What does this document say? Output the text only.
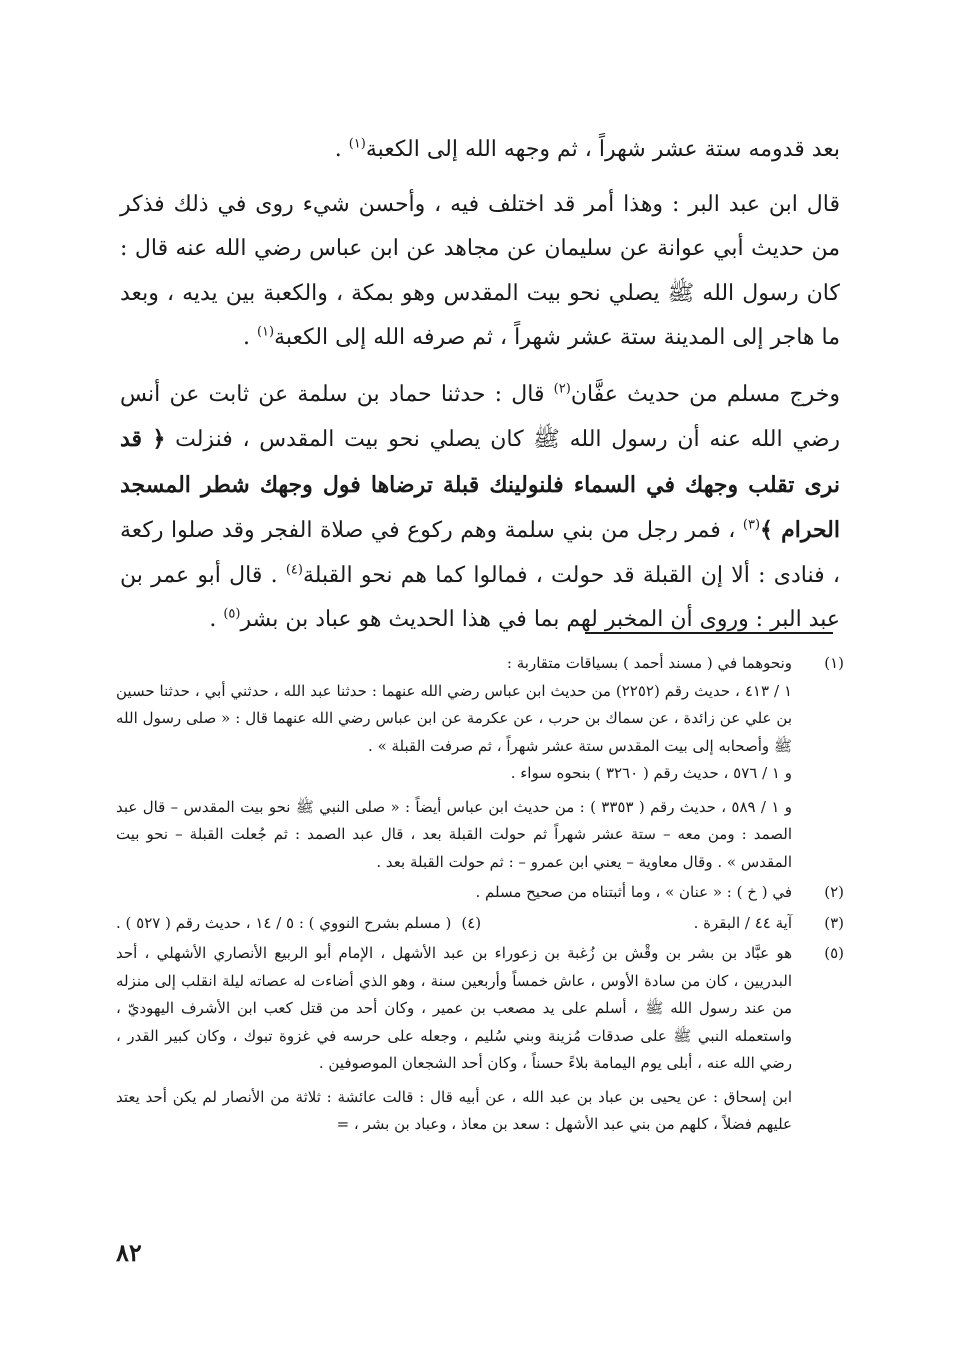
بعد قدومه ستة عشر شهراً ، ثم وجهه الله إلى الكعبة$^{(١)}$ .

قال ابن عبد البر : وهذا أمر قد اختلف فيه ، وأحسن شيء روى في ذلك فذكر من حديث أبي عوانة عن سليمان عن مجاهد عن ابن عباس رضي الله عنه قال : كان رسول الله ﷺ يصلي نحو بيت المقدس وهو بمكة ، والكعبة بين يديه ، وبعد ما هاجر إلى المدينة ستة عشر شهراً ، ثم صرفه الله إلى الكعبة$^{(١)}$ .

وخرج مسلم من حديث عفَّان$^{(٢)}$ قال : حدثنا حماد بن سلمة عن ثابت عن أنس رضي الله عنه أن رسول الله ﷺ كان يصلي نحو بيت المقدس ، فنزلت ﴿ قد نرى تقلب وجهك في السماء فلنولينك قبلة ترضاها فول وجهك شطر المسجد الحرام ﴾$^{(٣)}$ ، فمر رجل من بني سلمة وهم ركوع في صلاة الفجر وقد صلوا ركعة ، فنادى : ألا إن القبلة قد حولت ، فمالوا كما هم نحو القبلة$^{(٤)}$ . قال أبو عمر بن عبد البر : وروى أن المخبر لهم بما في هذا الحديث هو عباد بن بشر$^{(٥)}$ .

(١)
ونحوهما في ( مسند أحمد ) بسياقات متقاربة :
١ / ٤١٣ ، حديث رقم (٢٢٥٢) من حديث ابن عباس رضي الله عنهما : حدثنا عبد الله ، حدثني أبي ، حدثنا حسين بن علي عن زائدة ، عن سماك بن حرب ، عن عكرمة عن ابن عباس رضي الله عنهما قال : « صلى رسول الله ﷺ وأصحابه إلى بيت المقدس ستة عشر شهراً ، ثم صرفت القبلة » .
و ١ / ٥٧٦ ، حديث رقم ( ٣٢٦٠ ) بنحوه سواء .
و ١ / ٥٨٩ ، حديث رقم ( ٣٣٥٣ ) : من حديث ابن عباس أيضاً : « صلى النبي ﷺ نحو بيت المقدس – قال عبد الصمد : ومن معه – ستة عشر شهراً ثم حولت القبلة بعد ، قال عبد الصمد : ثم جُعلت القبلة – نحو بيت المقدس » . وقال معاوية – يعني ابن عمرو – : ثم حولت القبلة بعد .
(٢)
في ( خ ) : « عنان » ، وما أثبتناه من صحيح مسلم .
(٣)
آية ٤٤ / البقرة .
(٤)( مسلم بشرح النووي ) : ٥ / ١٤ ، حديث رقم ( ٥٢٧ ) .
(٥)
هو عبَّاد بن بشر بن وقْش بن زُغبة بن زعوراء بن عبد الأشهل ، الإمام أبو الربيع الأنصاري الأشهلي ، أحد البدريين ، كان من سادة الأوس ، عاش خمساً وأربعين سنة ، وهو الذي أضاءت له عصاته ليلة انقلب إلى منزله من عند رسول الله ﷺ ، أسلم على يد مصعب بن عمير ، وكان أحد من قتل كعب ابن الأشرف اليهوديّ ، واستعمله النبي ﷺ على صدقات مُزينة وبني سُليم ، وجعله على حرسه في غزوة تبوك ، وكان كبير القدر ، رضي الله عنه ، أبلى يوم اليمامة بلاءً حسناً ، وكان أحد الشجعان الموصوفين .
ابن إسحاق : عن يحيى بن عباد بن عبد الله ، عن أبيه قال : قالت عائشة : ثلاثة من الأنصار لم يكن أحد يعتد عليهم فضلاً ، كلهم من بني عبد الأشهل : سعد بن معاذ ، وعباد بن بشر ، =
٨٢
